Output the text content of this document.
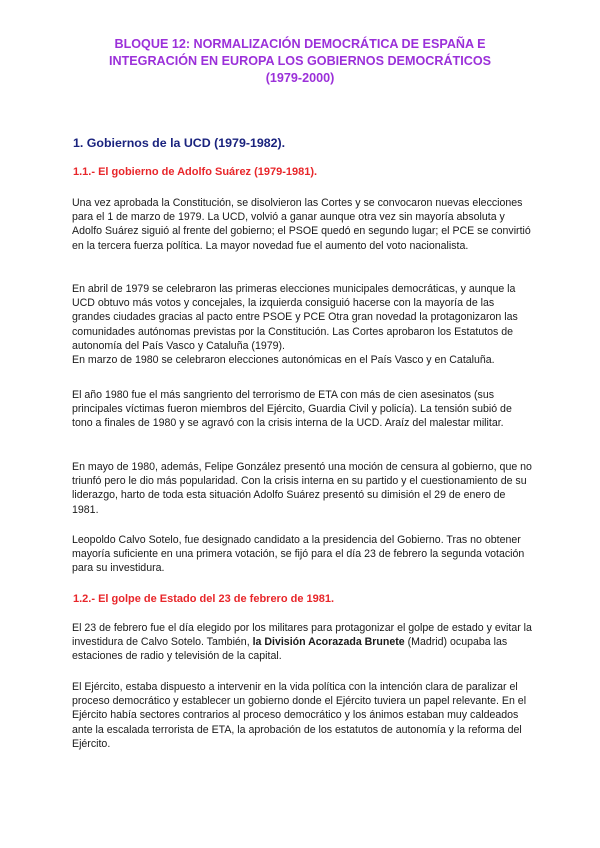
BLOQUE 12: NORMALIZACIÓN DEMOCRÁTICA DE ESPAÑA E
INTEGRACIÓN EN EUROPA LOS GOBIERNOS DEMOCRÁTICOS
(1979-2000)
1. Gobiernos de la UCD (1979-1982).
1.1.- El gobierno de Adolfo Suárez (1979-1981).

Una vez aprobada la Constitución, se disolvieron las Cortes y se convocaron nuevas elecciones para el 1 de marzo de 1979. La UCD, volvió a ganar aunque otra vez sin mayoría absoluta y Adolfo Suárez siguió al frente del gobierno; el PSOE quedó en segundo lugar; el PCE se convirtió en la tercera fuerza política. La mayor novedad fue el aumento del voto nacionalista.

En abril de 1979 se celebraron las primeras elecciones municipales democráticas, y aunque la UCD obtuvo más votos y concejales, la izquierda consiguió hacerse con la mayoría de las grandes ciudades gracias al pacto entre PSOE y PCE Otra gran novedad la protagonizaron las comunidades autónomas previstas por la Constitución. Las Cortes aprobaron los Estatutos de autonomía del País Vasco y Cataluña (1979).

En marzo de 1980 se celebraron elecciones autonómicas en el País Vasco y en Cataluña.

El año 1980 fue el más sangriento del terrorismo de ETA con más de cien asesinatos (sus principales víctimas fueron miembros del Ejército, Guardia Civil y policía). La tensión subió de tono a finales de 1980 y se agravó con la crisis interna de la UCD. Araíz del malestar militar.

En mayo de 1980, además, Felipe González presentó una moción de censura al gobierno, que no triunfó pero le dio más popularidad. Con la crisis interna en su partido y el cuestionamiento de su liderazgo, harto de toda esta situación Adolfo Suárez presentó su dimisión el 29 de enero de 1981.

Leopoldo Calvo Sotelo, fue designado candidato a la presidencia del Gobierno. Tras no obtener mayoría suficiente en una primera votación, se fijó para el día 23 de febrero la segunda votación para su investidura.

1.2.- El golpe de Estado del 23 de febrero de 1981.

El 23 de febrero fue el día elegido por los militares para protagonizar el golpe de estado y evitar la investidura de Calvo Sotelo. También, la División Acorazada Brunete (Madrid) ocupaba las estaciones de radio y televisión de la capital.

El Ejército, estaba dispuesto a intervenir en la vida política con la intención clara de paralizar el proceso democrático y establecer un gobierno donde el Ejército tuviera un papel relevante. En el Ejército había sectores contrarios al proceso democrático y los ánimos estaban muy caldeados ante la escalada terrorista de ETA, la aprobación de los estatutos de autonomía y la reforma del Ejército.
